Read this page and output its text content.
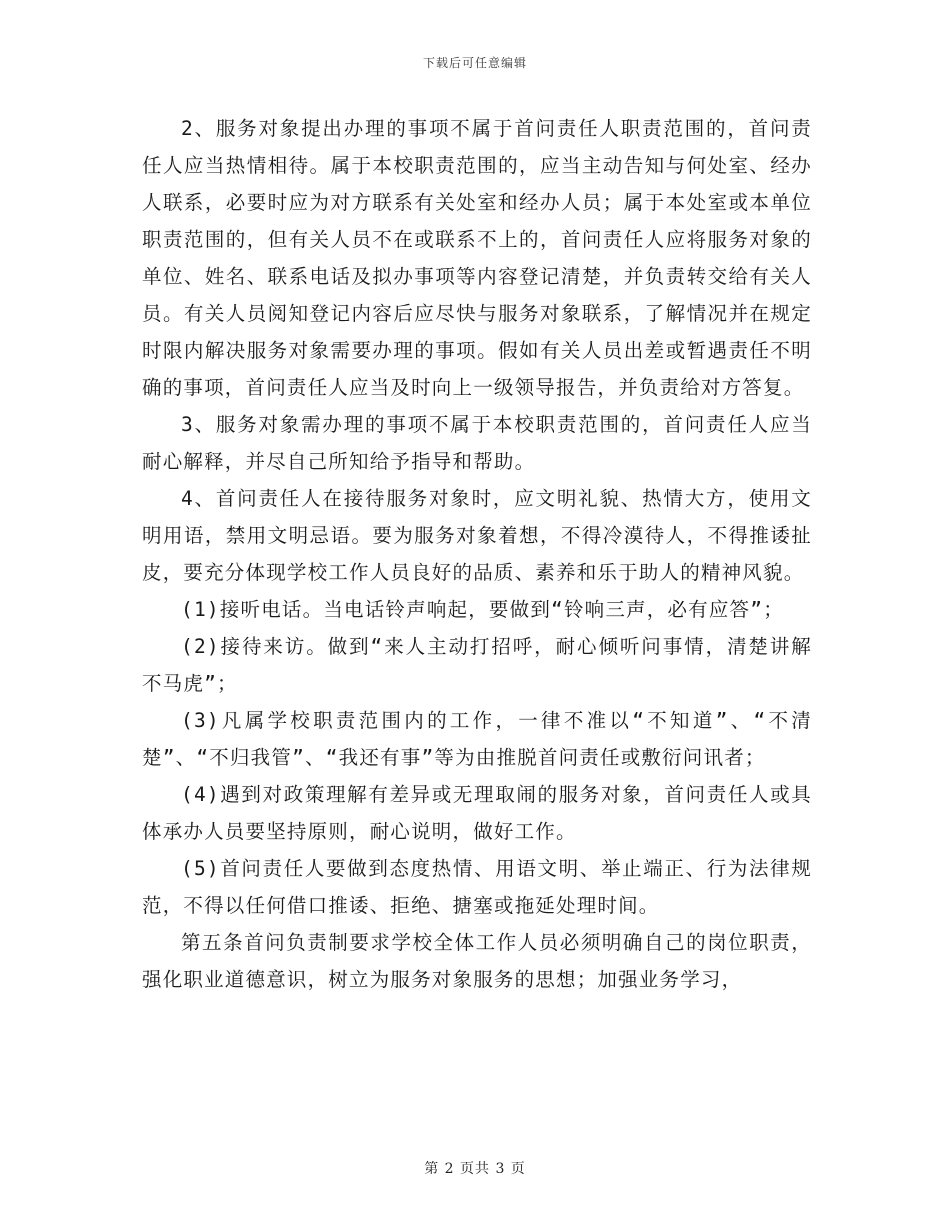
下载后可任意编辑

2、服务对象提出办理的事项不属于首问责任人职责范围的，首问责任人应当热情相待。属于本校职责范围的，应当主动告知与何处室、经办人联系，必要时应为对方联系有关处室和经办人员；属于本处室或本单位职责范围的，但有关人员不在或联系不上的，首问责任人应将服务对象的单位、姓名、联系电话及拟办事项等内容登记清楚，并负责转交给有关人员。有关人员阅知登记内容后应尽快与服务对象联系，了解情况并在规定时限内解决服务对象需要办理的事项。假如有关人员出差或暂遇责任不明确的事项，首问责任人应当及时向上一级领导报告，并负责给对方答复。

3、服务对象需办理的事项不属于本校职责范围的，首问责任人应当耐心解释，并尽自己所知给予指导和帮助。

4、首问责任人在接待服务对象时，应文明礼貌、热情大方，使用文明用语，禁用文明忌语。要为服务对象着想，不得冷漠待人，不得推诿扯皮，要充分体现学校工作人员良好的品质、素养和乐于助人的精神风貌。

(1)接听电话。当电话铃声响起，要做到“铃响三声，必有应答”；

(2)接待来访。做到“来人主动打招呼，耐心倾听问事情，清楚讲解不马虎”；

(3)凡属学校职责范围内的工作，一律不准以“不知道”、“不清楚”、“不归我管”、“我还有事”等为由推脱首问责任或敷衍问讯者；

(4)遇到对政策理解有差异或无理取闹的服务对象，首问责任人或具体承办人员要坚持原则，耐心说明，做好工作。

(5)首问责任人要做到态度热情、用语文明、举止端正、行为法律规范，不得以任何借口推诿、拒绝、搪塞或拖延处理时间。

第五条首问负责制要求学校全体工作人员必须明确自己的岗位职责，强化职业道德意识，树立为服务对象服务的思想；加强业务学习，

第 2 页共 3 页
